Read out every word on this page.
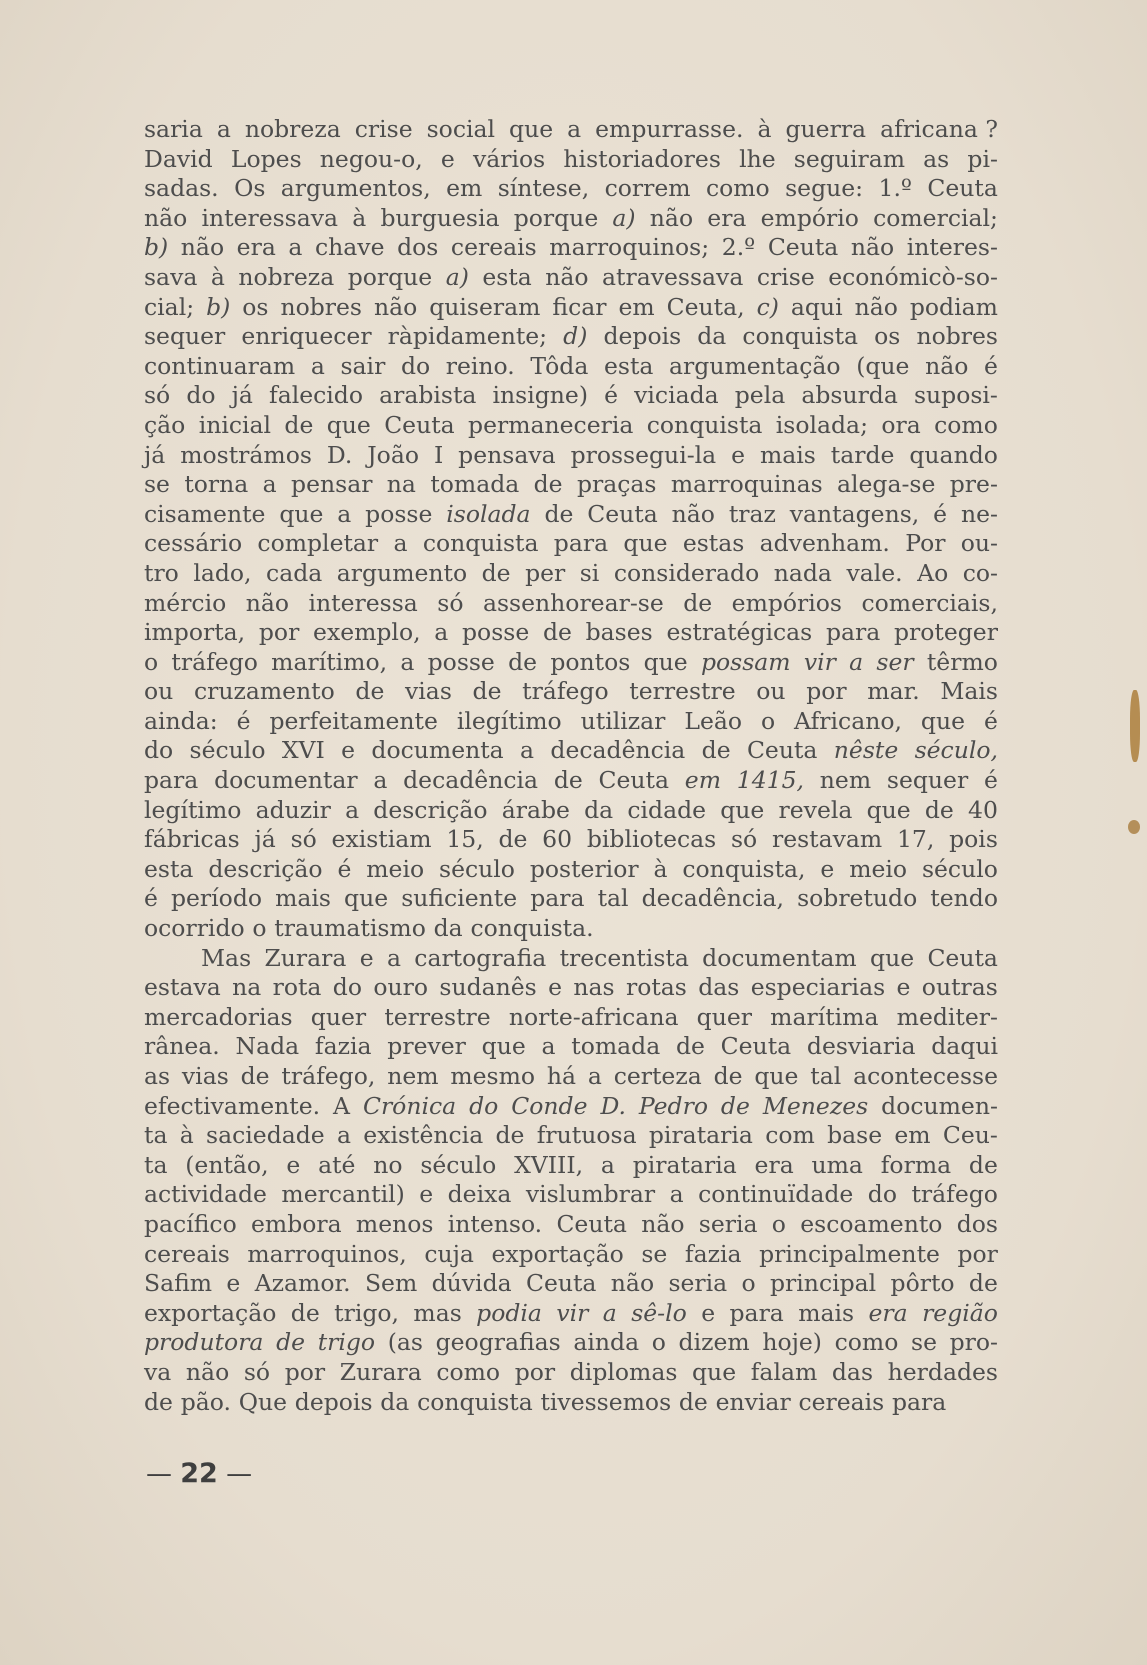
saria a nobreza crise social que a empurrasse. à guerra africana ?
David Lopes negou-o, e vários historiadores lhe seguiram as pi-
sadas. Os argumentos, em síntese, correm como segue: 1.º Ceuta
não interessava à burguesia porque a) não era empório comercial;
b) não era a chave dos cereais marroquinos; 2.º Ceuta não interes-
sava à nobreza porque a) esta não atravessava crise económicò-so-
cial; b) os nobres não quiseram ficar em Ceuta, c) aqui não podiam
sequer enriquecer ràpidamente; d) depois da conquista os nobres
continuaram a sair do reino. Tôda esta argumentação (que não é
só do já falecido arabista insigne) é viciada pela absurda suposi-
ção inicial de que Ceuta permaneceria conquista isolada; ora como
já mostrámos D. João I pensava prossegui-la e mais tarde quando
se torna a pensar na tomada de praças marroquinas alega-se pre-
cisamente que a posse isolada de Ceuta não traz vantagens, é ne-
cessário completar a conquista para que estas advenham. Por ou-
tro lado, cada argumento de per si considerado nada vale. Ao co-
mércio não interessa só assenhorear-se de empórios comerciais,
importa, por exemplo, a posse de bases estratégicas para proteger
o tráfego marítimo, a posse de pontos que possam vir a ser têrmo
ou cruzamento de vias de tráfego terrestre ou por mar. Mais
ainda: é perfeitamente ilegítimo utilizar Leão o Africano, que é
do século XVI e documenta a decadência de Ceuta nêste século,
para documentar a decadência de Ceuta em 1415, nem sequer é
legítimo aduzir a descrição árabe da cidade que revela que de 40
fábricas já só existiam 15, de 60 bibliotecas só restavam 17, pois
esta descrição é meio século posterior à conquista, e meio século
é período mais que suficiente para tal decadência, sobretudo tendo
ocorrido o traumatismo da conquista.
Mas Zurara e a cartografia trecentista documentam que Ceuta
estava na rota do ouro sudanês e nas rotas das especiarias e outras
mercadorias quer terrestre norte-africana quer marítima mediter-
rânea. Nada fazia prever que a tomada de Ceuta desviaria daqui
as vias de tráfego, nem mesmo há a certeza de que tal acontecesse
efectivamente. A Crónica do Conde D. Pedro de Menezes documen-
ta à saciedade a existência de frutuosa pirataria com base em Ceu-
ta (então, e até no século XVIII, a pirataria era uma forma de
actividade mercantil) e deixa vislumbrar a continuïdade do tráfego
pacífico embora menos intenso. Ceuta não seria o escoamento dos
cereais marroquinos, cuja exportação se fazia principalmente por
Safim e Azamor. Sem dúvida Ceuta não seria o principal pôrto de
exportação de trigo, mas podia vir a sê-lo e para mais era região
produtora de trigo (as geografias ainda o dizem hoje) como se pro-
va não só por Zurara como por diplomas que falam das herdades
de pão. Que depois da conquista tivessemos de enviar cereais para
— 22 —
